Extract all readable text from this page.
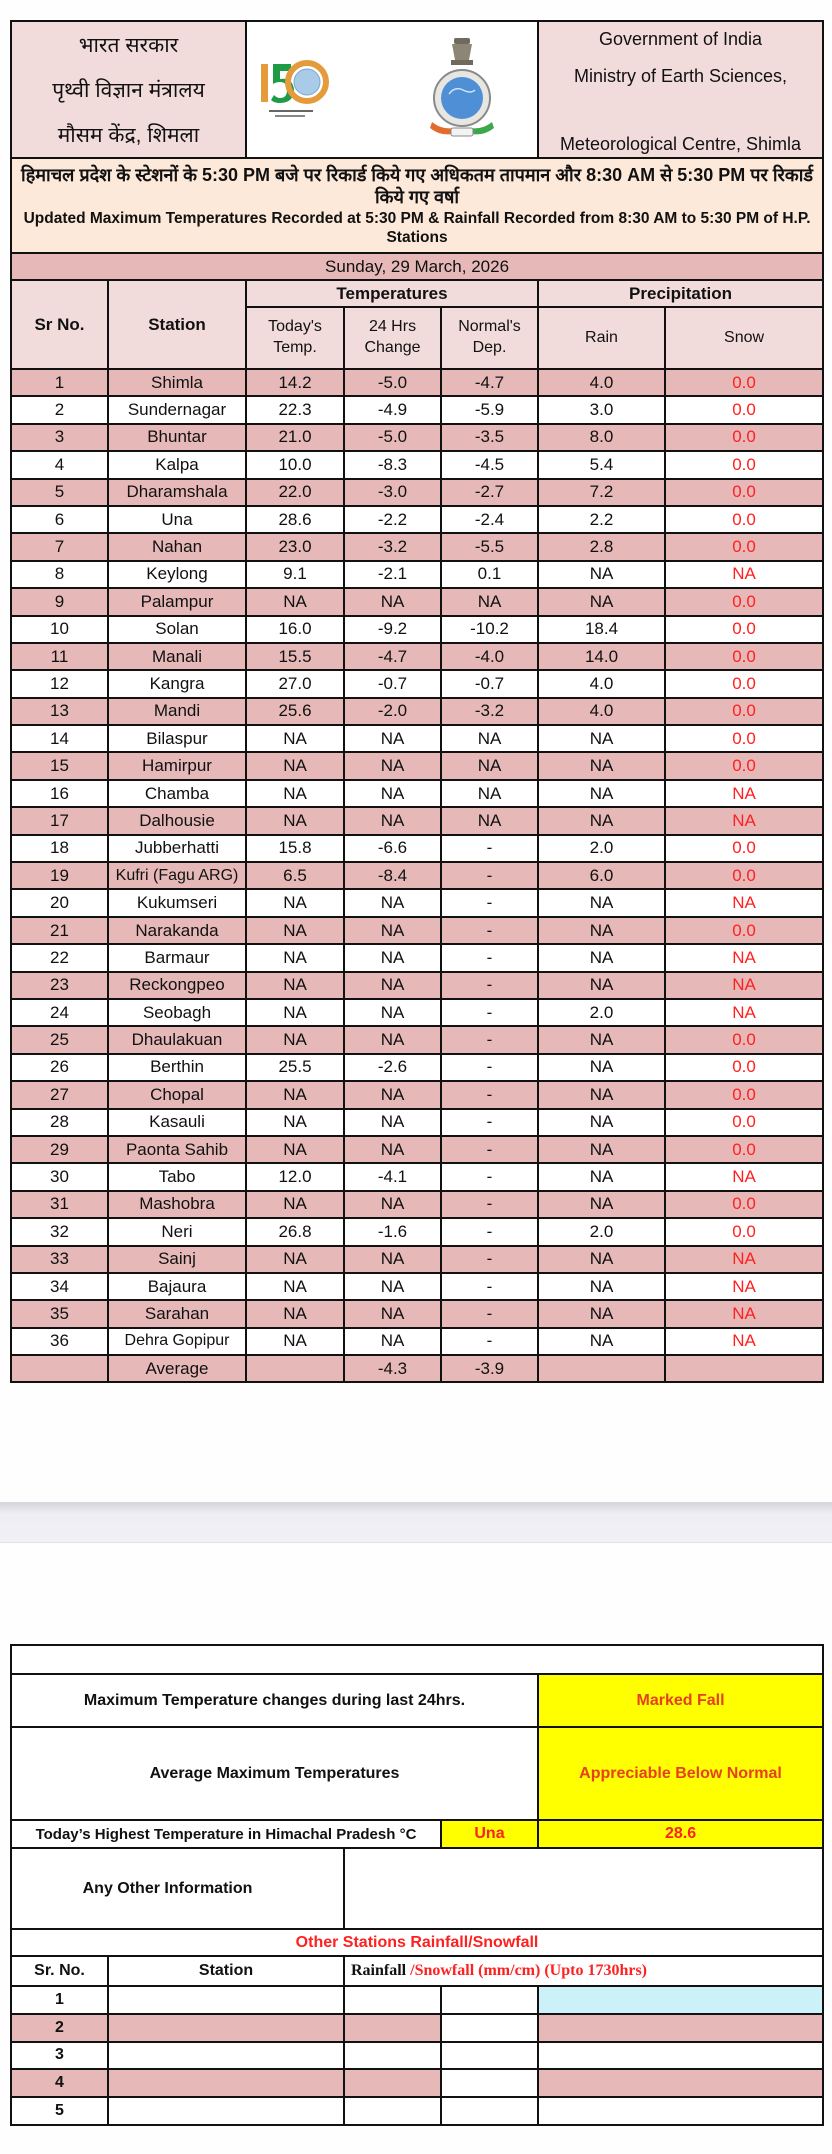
भारत सरकार
पृथ्वी विज्ञान मंत्रालय
मौसम केंद्र, शिमला

Government of India
Ministry of Earth Sciences,
Meteorological Centre, Shimla
हिमाचल प्रदेश के स्टेशनों के 5:30 PM बजे पर रिकार्ड किये गए अधिकतम तापमान और 8:30 AM से 5:30 PM पर रिकार्ड किये गए वर्षा
Updated Maximum Temperatures Recorded at 5:30 PM & Rainfall Recorded from 8:30 AM to 5:30 PM of H.P. Stations						

Sunday, 29 March, 2026						
Sr No.	Station	Temperatures			Precipitation	
		Today's Temp.	24 Hrs Change	Normal's Dep.	Rain	Snow
1	Shimla	14.2	-5.0	-4.7	4.0	0.0
2	Sundernagar	22.3	-4.9	-5.9	3.0	0.0
3	Bhuntar	21.0	-5.0	-3.5	8.0	0.0
4	Kalpa	10.0	-8.3	-4.5	5.4	0.0
5	Dharamshala	22.0	-3.0	-2.7	7.2	0.0
6	Una	28.6	-2.2	-2.4	2.2	0.0
7	Nahan	23.0	-3.2	-5.5	2.8	0.0
8	Keylong	9.1	-2.1	0.1	NA	NA
9	Palampur	NA	NA	NA	NA	0.0
10	Solan	16.0	-9.2	-10.2	18.4	0.0
11	Manali	15.5	-4.7	-4.0	14.0	0.0
12	Kangra	27.0	-0.7	-0.7	4.0	0.0
13	Mandi	25.6	-2.0	-3.2	4.0	0.0
14	Bilaspur	NA	NA	NA	NA	0.0
15	Hamirpur	NA	NA	NA	NA	0.0
16	Chamba	NA	NA	NA	NA	NA
17	Dalhousie	NA	NA	NA	NA	NA
18	Jubberhatti	15.8	-6.6	-	2.0	0.0
19	Kufri (Fagu ARG)	6.5	-8.4	-	6.0	0.0
20	Kukumseri	NA	NA	-	NA	NA
21	Narakanda	NA	NA	-	NA	0.0
22	Barmaur	NA	NA	-	NA	NA
23	Reckongpeo	NA	NA	-	NA	NA
24	Seobagh	NA	NA	-	2.0	NA
25	Dhaulakuan	NA	NA	-	NA	0.0
26	Berthin	25.5	-2.6	-	NA	0.0
27	Chopal	NA	NA	-	NA	0.0
28	Kasauli	NA	NA	-	NA	0.0
29	Paonta Sahib	NA	NA	-	NA	0.0
30	Tabo	12.0	-4.1	-	NA	NA
31	Mashobra	NA	NA	-	NA	0.0
32	Neri	26.8	-1.6	-	2.0	0.0
33	Sainj	NA	NA	-	NA	NA
34	Bajaura	NA	NA	-	NA	NA
35	Sarahan	NA	NA	-	NA	NA
36	Dehra Gopipur	NA	NA	-	NA	NA
	Average		-4.3	-3.9		

Maximum Temperature changes during last 24hrs.				Marked Fall
Average Maximum Temperatures				Appreciable Below Normal
Today’s Highest Temperature in Himachal Pradesh °C			Una	28.6
Any Other Information				
Other Stations Rainfall/Snowfall				
Sr. No.	Station	Rainfall /Snowfall (mm/cm) (Upto 1730hrs)		
1				
2				
3				
4				
5				
